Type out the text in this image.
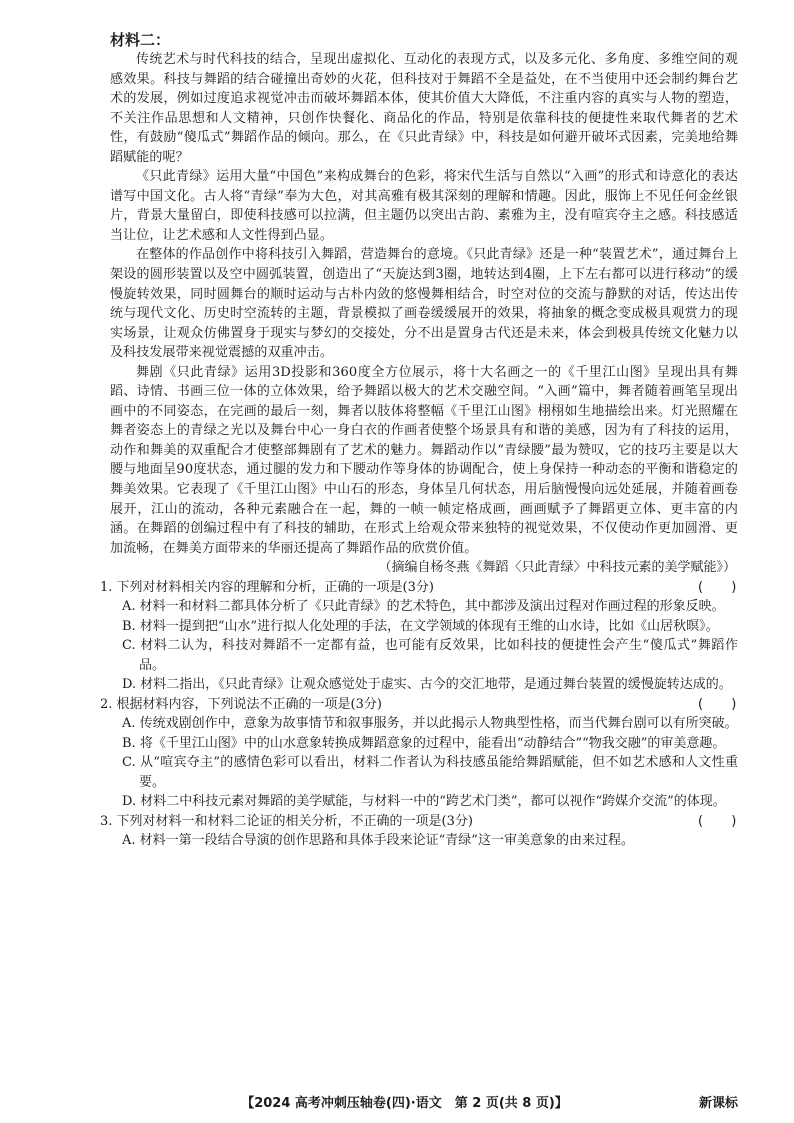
材料二：

传统艺术与时代科技的结合，呈现出虚拟化、互动化的表现方式，以及多元化、多角度、多维空间的观感效果。科技与舞蹈的结合碰撞出奇妙的火花，但科技对于舞蹈不全是益处，在不当使用中还会制约舞台艺术的发展，例如过度追求视觉冲击而破坏舞蹈本体，使其价值大大降低，不注重内容的真实与人物的塑造，不关注作品思想和人文精神，只创作快餐化、商品化的作品，特别是依靠科技的便捷性来取代舞者的艺术性，有鼓励“傻瓜式”舞蹈作品的倾向。那么，在《只此青绿》中，科技是如何避开破坏式因素，完美地给舞蹈赋能的呢？

《只此青绿》运用大量“中国色”来构成舞台的色彩，将宋代生活与自然以“入画”的形式和诗意化的表达谱写中国文化。古人将“青绿”奉为大色，对其高雅有极其深刻的理解和情趣。因此，服饰上不见任何金丝银片，背景大量留白，即使科技感可以拉满，但主题仍以突出古韵、素雅为主，没有喧宾夺主之感。科技感适当让位，让艺术感和人文性得到凸显。

在整体的作品创作中将科技引入舞蹈，营造舞台的意境。《只此青绿》还是一种“装置艺术”，通过舞台上架设的圆形装置以及空中圆弧装置，创造出了“天旋达到3圈，地转达到4圈，上下左右都可以进行移动”的缓慢旋转效果，同时圆舞台的顺时运动与古朴内敛的悠慢舞相结合，时空对位的交流与静默的对话，传达出传统与现代文化、历史时空流转的主题，背景模拟了画卷缓缓展开的效果，将抽象的概念变成极具观赏力的现实场景，让观众仿佛置身于现实与梦幻的交接处，分不出是置身古代还是未来，体会到极具传统文化魅力以及科技发展带来视觉震撼的双重冲击。

舞剧《只此青绿》运用3D投影和360度全方位展示，将十大名画之一的《千里江山图》呈现出具有舞蹈、诗情、书画三位一体的立体效果，给予舞蹈以极大的艺术交融空间。“入画”篇中，舞者随着画笔呈现出画中的不同姿态，在完画的最后一刻，舞者以肢体将整幅《千里江山图》栩栩如生地描绘出来。灯光照耀在舞者姿态上的青绿之光以及舞台中心一身白衣的作画者使整个场景具有和谐的美感，因为有了科技的运用，动作和舞美的双重配合才使整部舞剧有了艺术的魅力。舞蹈动作以“青绿腰”最为赞叹，它的技巧主要是以大腰与地面呈90度状态，通过腿的发力和下腰动作等身体的协调配合，使上身保持一种动态的平衡和谐稳定的舞美效果。它表现了《千里江山图》中山石的形态，身体呈几何状态，用后脑慢慢向远处延展，并随着画卷展开，江山的流动，各种元素融合在一起，舞的一帧一帧定格成画，画画赋予了舞蹈更立体、更丰富的内涵。在舞蹈的创编过程中有了科技的辅助，在形式上给观众带来独特的视觉效果，不仅使动作更加圆滑、更加流畅，在舞美方面带来的华丽还提高了舞蹈作品的欣赏价值。

（摘编自杨冬燕《舞蹈〈只此青绿〉中科技元素的美学赋能》）
1. 下列对材料相关内容的理解和分析，正确的一项是(3分)	(　　)
A. 材料一和材料二都具体分析了《只此青绿》的艺术特色，其中都涉及演出过程对作画过程的形象反映。
B. 材料一提到把“山水”进行拟人化处理的手法，在文学领域的体现有王维的山水诗，比如《山居秋暝》。
C. 材料二认为，科技对舞蹈不一定都有益，也可能有反效果，比如科技的便捷性会产生“傻瓜式”舞蹈作品。
D. 材料二指出，《只此青绿》让观众感觉处于虚实、古今的交汇地带，是通过舞台装置的缓慢旋转达成的。
2. 根据材料内容，下列说法不正确的一项是(3分)	(　　)
A. 传统戏剧创作中，意象为故事情节和叙事服务，并以此揭示人物典型性格，而当代舞台剧可以有所突破。
B. 将《千里江山图》中的山水意象转换成舞蹈意象的过程中，能看出“动静结合”“物我交融”的审美意趣。
C. 从“喧宾夺主”的感情色彩可以看出，材料二作者认为科技感虽能给舞蹈赋能，但不如艺术感和人文性重要。
D. 材料二中科技元素对舞蹈的美学赋能，与材料一中的“跨艺术门类”，都可以视作“跨媒介交流”的体现。
3. 下列对材料一和材料二论证的相关分析，不正确的一项是(3分)	(　　)
A. 材料一第一段结合导演的创作思路和具体手段来论证“青绿”这一审美意象的由来过程。
【2024 高考冲刺压轴卷(四)·语文　第 2 页(共 8 页)】	新课标
